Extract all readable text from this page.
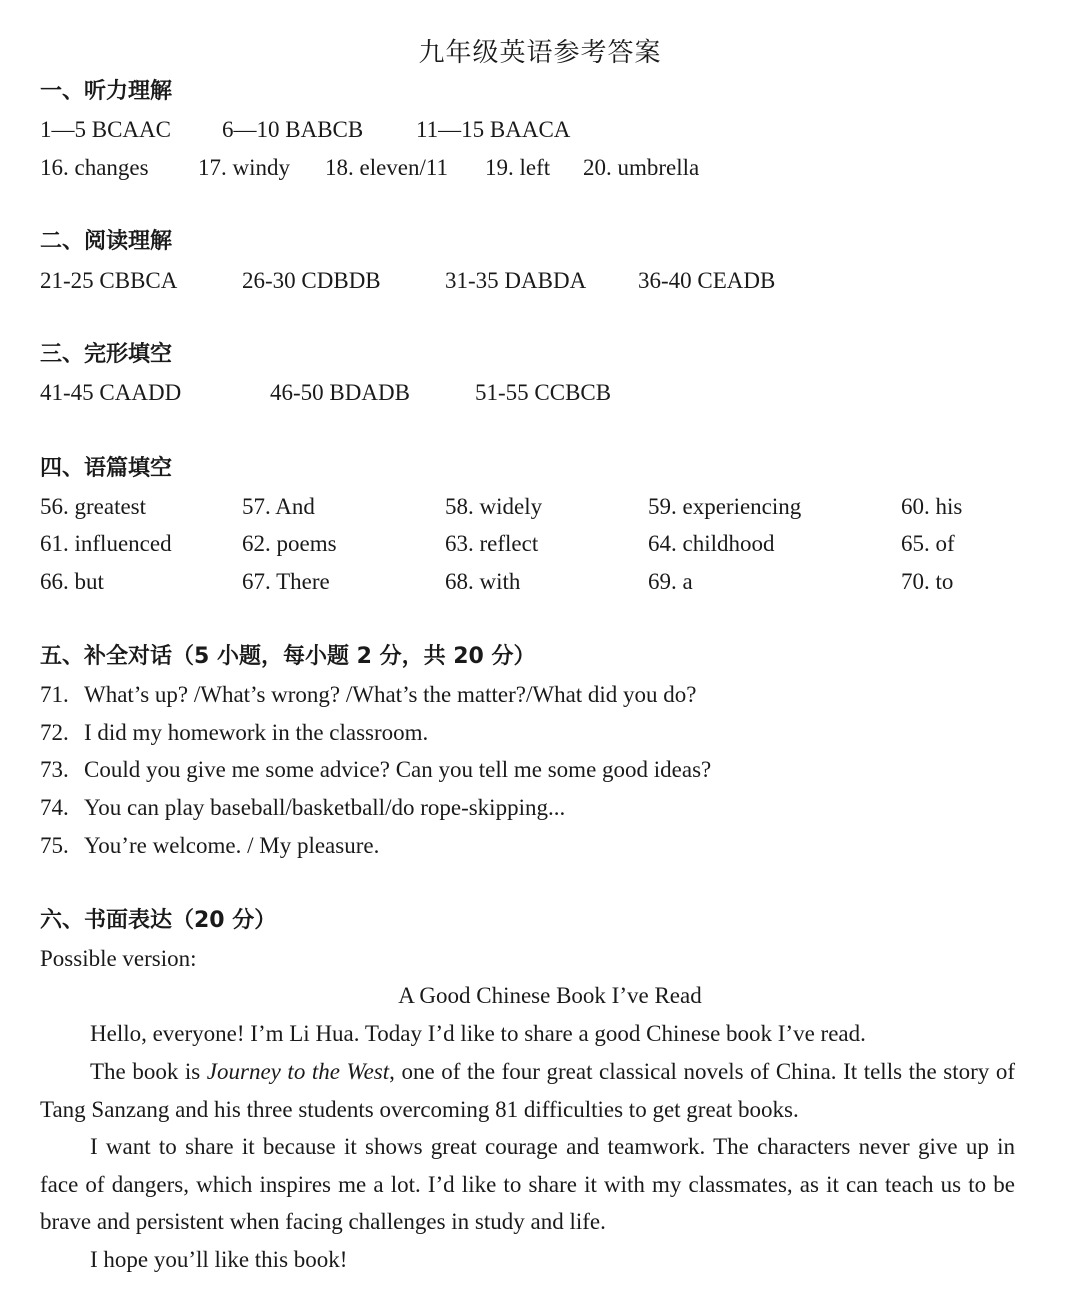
九年级英语参考答案
一、听力理解
1—5 BCAAC 6—10 BABCB 11—15 BAACA
16. changes 17. windy 18. eleven/11 19. left 20. umbrella
二、阅读理解
21-25 CBBCA	26-30 CDBDB	31-35 DABDA 36-40 CEADB
三、完形填空
41-45 CAADD	46-50 BDADB	51-55 CCBCB
四、语篇填空
56. greatest	57. And	58. widely	59. experiencing	60. his
61. influenced	62. poems	63. reflect	64. childhood	65. of
66. but	67. There	68. with	69. a	70. to
五、补全对话（5 小题，每小题 2 分，共 20 分）
71. What’s up? /What’s wrong? /What’s the matter?/What did you do?
72. I did my homework in the classroom.
73. Could you give me some advice? Can you tell me some good ideas?
74. You can play baseball/basketball/do rope-skipping...
75. You’re welcome. / My pleasure.
六、书面表达（20 分）
Possible version:
A Good Chinese Book I’ve Read
Hello, everyone! I’m Li Hua. Today I’d like to share a good Chinese book I’ve read.
The book is Journey to the West, one of the four great classical novels of China. It tells the story of Tang Sanzang and his three students overcoming 81 difficulties to get great books.
I want to share it because it shows great courage and teamwork. The characters never give up in face of dangers, which inspires me a lot. I’d like to share it with my classmates, as it can teach us to be brave and persistent when facing challenges in study and life.
I hope you’ll like this book!
